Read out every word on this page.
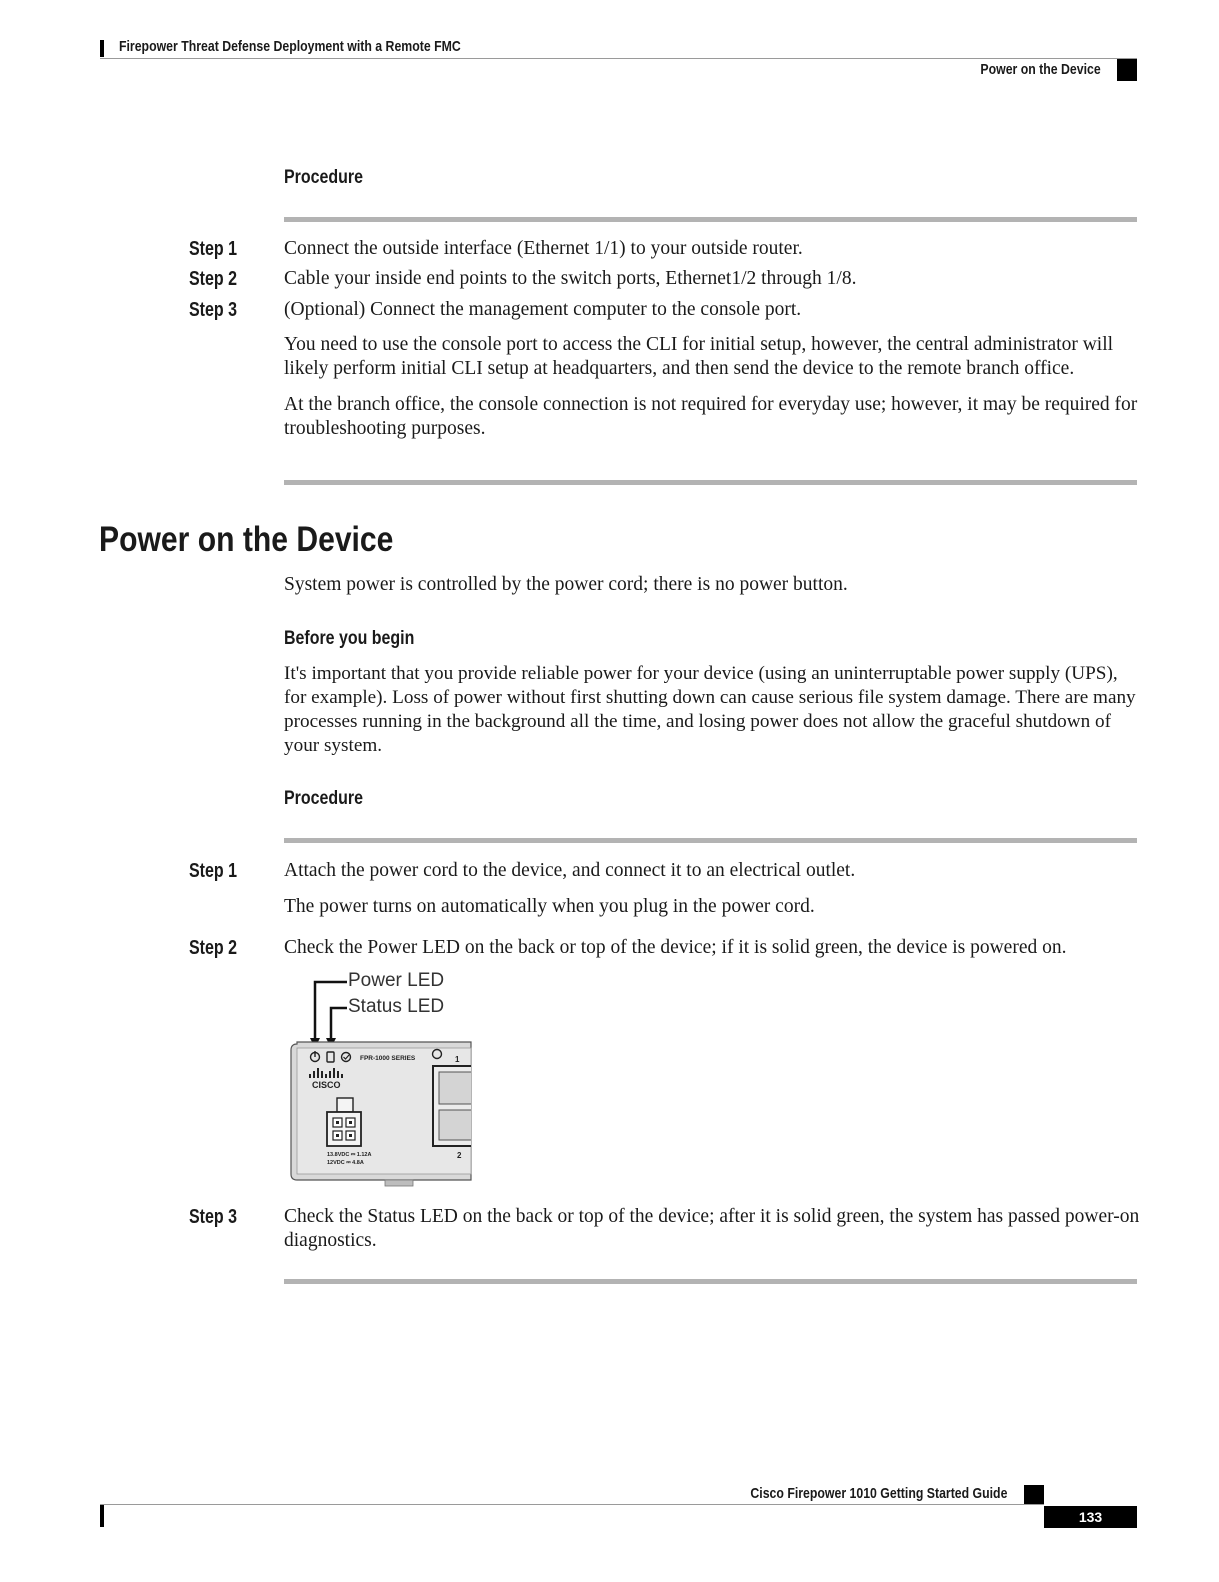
Firepower Threat Defense Deployment with a Remote FMC
Power on the Device
Procedure
Step 1 Connect the outside interface (Ethernet 1/1) to your outside router.
Step 2 Cable your inside end points to the switch ports, Ethernet1/2 through 1/8.
Step 3 (Optional) Connect the management computer to the console port.
You need to use the console port to access the CLI for initial setup, however, the central administrator will likely perform initial CLI setup at headquarters, and then send the device to the remote branch office.
At the branch office, the console connection is not required for everyday use; however, it may be required for troubleshooting purposes.
Power on the Device
System power is controlled by the power cord; there is no power button.
Before you begin
It's important that you provide reliable power for your device (using an uninterruptable power supply (UPS), for example). Loss of power without first shutting down can cause serious file system damage. There are many processes running in the background all the time, and losing power does not allow the graceful shutdown of your system.
Procedure
Step 1 Attach the power cord to the device, and connect it to an electrical outlet.
The power turns on automatically when you plug in the power cord.
Step 2 Check the Power LED on the back or top of the device; if it is solid green, the device is powered on.
FPR-1000 SERIES
CISCO
13.8VDC ⎓ 1.12A
12VDC ⎓ 4.8A
1
2
Power LED
Status LED
Step 3 Check the Status LED on the back or top of the device; after it is solid green, the system has passed power-on diagnostics.
Cisco Firepower 1010 Getting Started Guide
133
